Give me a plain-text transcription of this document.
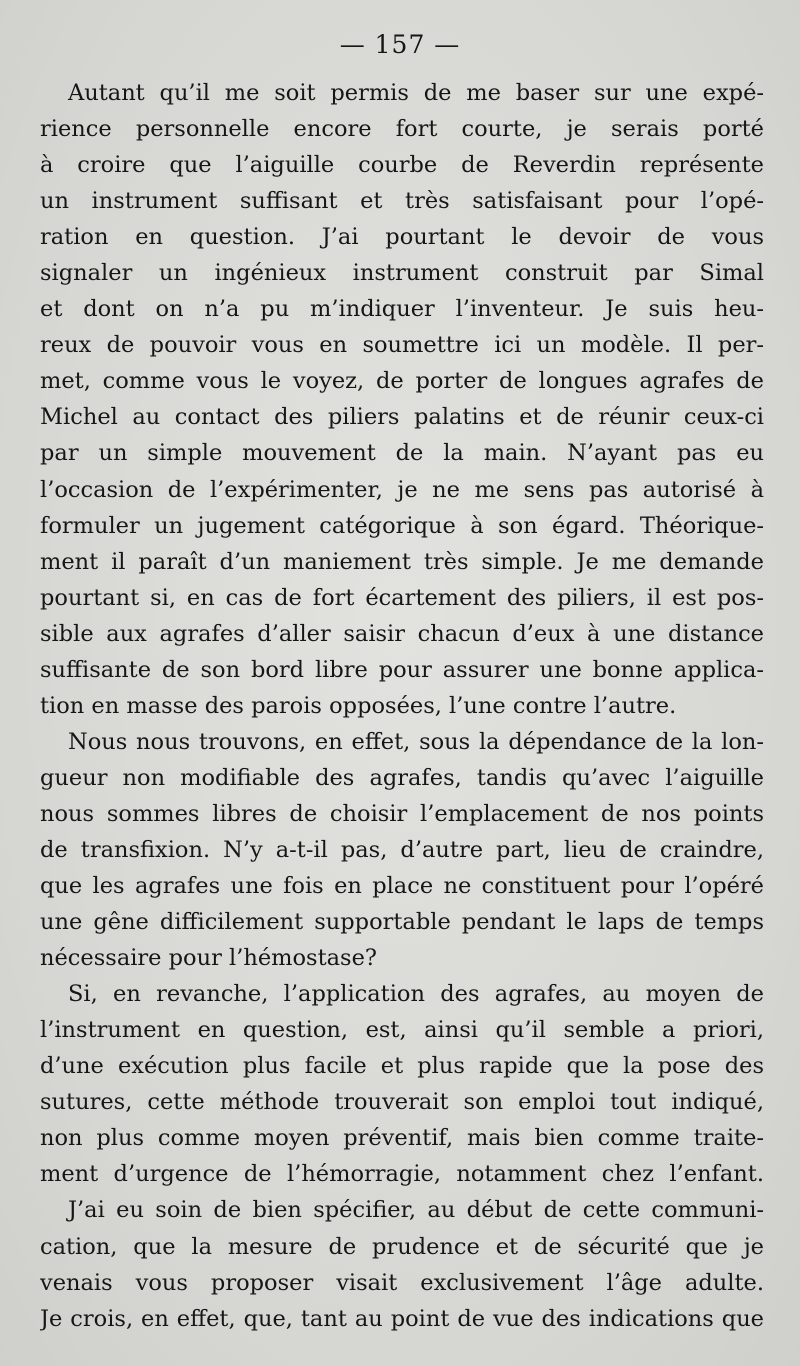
— 157 —
Autant qu’il me soit permis de me baser sur une expé-
rience personnelle encore fort courte, je serais porté
à croire que l’aiguille courbe de Reverdin représente
un instrument suffisant et très satisfaisant pour l’opé-
ration en question. J’ai pourtant le devoir de vous
signaler un ingénieux instrument construit par Simal
et dont on n’a pu m’indiquer l’inventeur. Je suis heu-
reux de pouvoir vous en soumettre ici un modèle. Il per-
met, comme vous le voyez, de porter de longues agrafes de
Michel au contact des piliers palatins et de réunir ceux-ci
par un simple mouvement de la main. N’ayant pas eu
l’occasion de l’expérimenter, je ne me sens pas autorisé à
formuler un jugement catégorique à son égard. Théorique-
ment il paraît d’un maniement très simple. Je me demande
pourtant si, en cas de fort écartement des piliers, il est pos-
sible aux agrafes d’aller saisir chacun d’eux à une distance
suffisante de son bord libre pour assurer une bonne applica-
tion en masse des parois opposées, l’une contre l’autre.
Nous nous trouvons, en effet, sous la dépendance de la lon-
gueur non modifiable des agrafes, tandis qu’avec l’aiguille
nous sommes libres de choisir l’emplacement de nos points
de transfixion. N’y a-t-il pas, d’autre part, lieu de craindre,
que les agrafes une fois en place ne constituent pour l’opéré
une gêne difficilement supportable pendant le laps de temps
nécessaire pour l’hémostase?
Si, en revanche, l’application des agrafes, au moyen de
l’instrument en question, est, ainsi qu’il semble a priori,
d’une exécution plus facile et plus rapide que la pose des
sutures, cette méthode trouverait son emploi tout indiqué,
non plus comme moyen préventif, mais bien comme traite-
ment d’urgence de l’hémorragie, notamment chez l’enfant.
J’ai eu soin de bien spécifier, au début de cette communi-
cation, que la mesure de prudence et de sécurité que je
venais vous proposer visait exclusivement l’âge adulte.
Je crois, en effet, que, tant au point de vue des indications que
